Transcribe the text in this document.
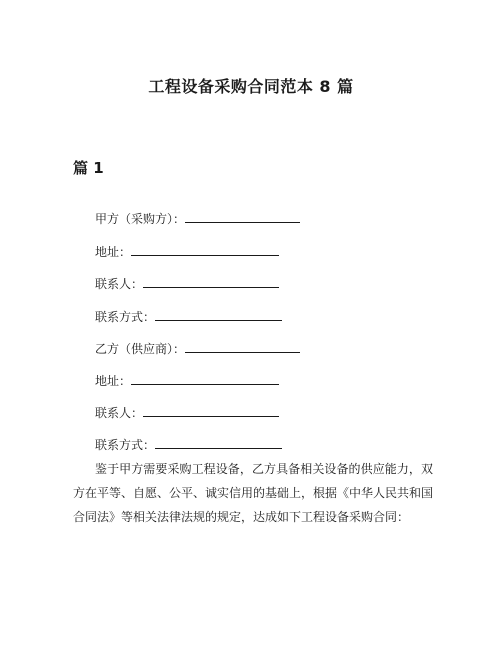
工程设备采购合同范本 8 篇
篇 1
甲方（采购方）：
地址：
联系人：
联系方式：
乙方（供应商）：
地址：
联系人：
联系方式：
鉴于甲方需要采购工程设备，乙方具备相关设备的供应能力，双方在平等、自愿、公平、诚实信用的基础上，根据《中华人民共和国合同法》等相关法律法规的规定，达成如下工程设备采购合同：
